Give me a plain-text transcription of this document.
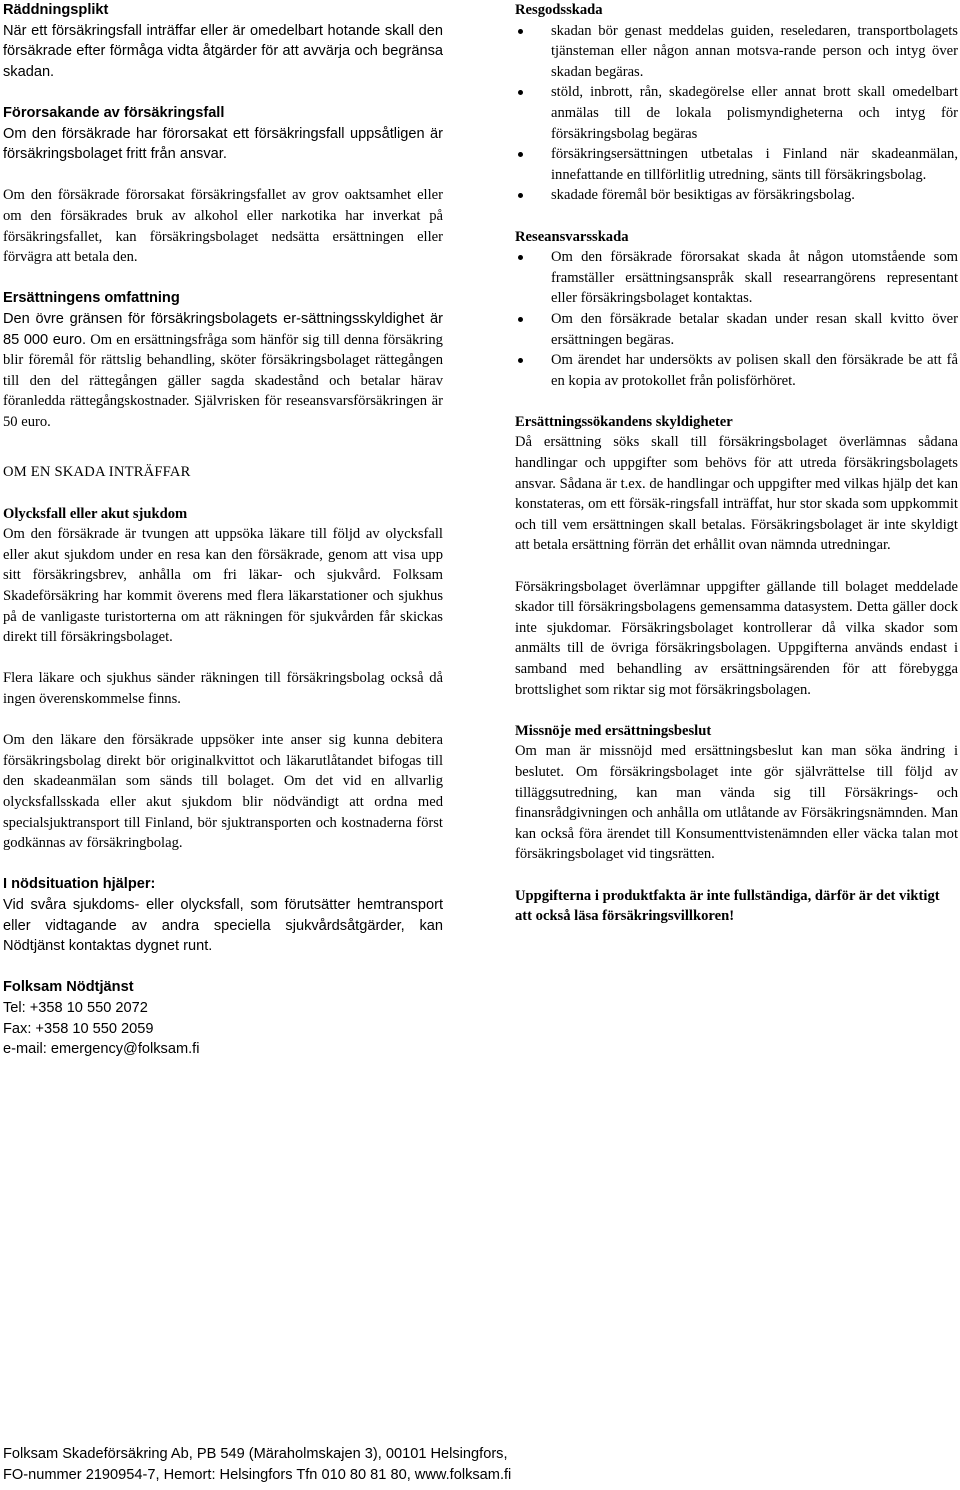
Räddningsplikt

När ett försäkringsfall inträffar eller är omedelbart hotande skall den försäkrade efter förmåga vidta åtgärder för att avvärja och begränsa skadan.

Förorsakande av försäkringsfall

Om den försäkrade har förorsakat ett försäkringsfall uppsåtligen är försäkringsbolaget fritt från ansvar.

Om den försäkrade förorsakat försäkringsfallet av grov oaktsamhet eller om den försäkrades bruk av alkohol eller narkotika har inverkat på försäkringsfallet, kan försäkringsbolaget nedsätta ersättningen eller förvägra att betala den.

Ersättningens omfattning

Den övre gränsen för försäkringsbolagets er-sättningsskyldighet är 85 000 euro. Om en ersättningsfråga som hänför sig till denna försäkring blir föremål för rättslig behandling, sköter försäkringsbolaget rättegången till den del rättegången gäller sagda skadestånd och betalar härav föranledda rättegångskostnader. Självrisken för reseansvarsförsäkringen är 50 euro.

OM EN SKADA INTRÄFFAR

Olycksfall eller akut sjukdom

Om den försäkrade är tvungen att uppsöka läkare till följd av olycksfall eller akut sjukdom under en resa kan den försäkrade, genom att visa upp sitt försäkringsbrev, anhålla om fri läkar- och sjukvård. Folksam Skadeförsäkring har kommit överens med flera läkarstationer och sjukhus på de vanligaste turistorterna om att räkningen för sjukvården får skickas direkt till försäkringsbolaget.

Flera läkare och sjukhus sänder räkningen till försäkringsbolag också då ingen överenskommelse finns.

Om den läkare den försäkrade uppsöker inte anser sig kunna debitera försäkringsbolag direkt bör originalkvittot och läkarutlåtandet bifogas till den skadeanmälan som sänds till bolaget. Om det vid en allvarlig olycksfallsskada eller akut sjukdom blir nödvändigt att ordna med specialsjuktransport till Finland, bör sjuktransporten och kostnaderna först godkännas av försäkringbolag.

I nödsituation hjälper:

Vid svåra sjukdoms- eller olycksfall, som förutsätter hemtransport eller vidtagande av andra speciella sjukvårdsåtgärder, kan Nödtjänst kontaktas dygnet runt.

Folksam Nödtjänst
Tel: +358 10 550 2072
Fax: +358 10 550 2059
e-mail: emergency@folksam.fi
Resgodsskada
skadan bör genast meddelas guiden, reseledaren, transportbolagets tjänsteman eller någon annan motsva-rande person och intyg över skadan begäras.
stöld, inbrott, rån, skadegörelse eller annat brott skall omedelbart anmälas till de lokala polismyndigheterna och intyg för försäkringsbolag begäras
försäkringsersättningen utbetalas i Finland när skadeanmälan, innefattande en tillförlitlig utredning, sänts till försäkringsbolag.
skadade föremål bör besiktigas av försäkringsbolag.
Reseansvarsskada
Om den försäkrade förorsakat skada åt någon utomstående som framställer ersättningsanspråk skall researrangörens representant eller försäkringsbolaget kontaktas.
Om den försäkrade betalar skadan under resan skall kvitto över ersättningen begäras.
Om ärendet har undersökts av polisen skall den försäkrade be att få en kopia av protokollet från polisförhöret.
Ersättningssökandens skyldigheter

Då ersättning söks skall till försäkringsbolaget överlämnas sådana handlingar och uppgifter som behövs för att utreda försäkringsbolagets ansvar. Sådana är t.ex. de handlingar och uppgifter med vilkas hjälp det kan konstateras, om ett försäk-ringsfall inträffat, hur stor skada som uppkommit och till vem ersättningen skall betalas. Försäkringsbolaget är inte skyldigt att betala ersättning förrän det erhållit ovan nämnda utredningar.

Försäkringsbolaget överlämnar uppgifter gällande till bolaget meddelade skador till försäkringsbolagens gemensamma datasystem. Detta gäller dock inte sjukdomar. Försäkringsbolaget kontrollerar då vilka skador som anmälts till de övriga försäkringsbolagen. Uppgifterna används endast i samband med behandling av ersättningsärenden för att förebygga brottslighet som riktar sig mot försäkringsbolagen.

Missnöje med ersättningsbeslut

Om man är missnöjd med ersättningsbeslut kan man söka ändring i beslutet. Om försäkringsbolaget inte gör självrättelse till följd av tilläggsutredning, kan man vända sig till Försäkrings- och finansrådgivningen och anhålla om utlåtande av Försäkringsnämnden. Man kan också föra ärendet till Konsumenttvistenämnden eller väcka talan mot försäkringsbolaget vid tingsrätten.

Uppgifterna i produktfakta är inte fullständiga, därför är det viktigt att också läsa försäkringsvillkoren!
Folksam Skadeförsäkring Ab, PB 549 (Märaholmskajen 3), 00101 Helsingfors,
FO-nummer 2190954-7, Hemort: Helsingfors Tfn 010 80 81 80, www.folksam.fi
